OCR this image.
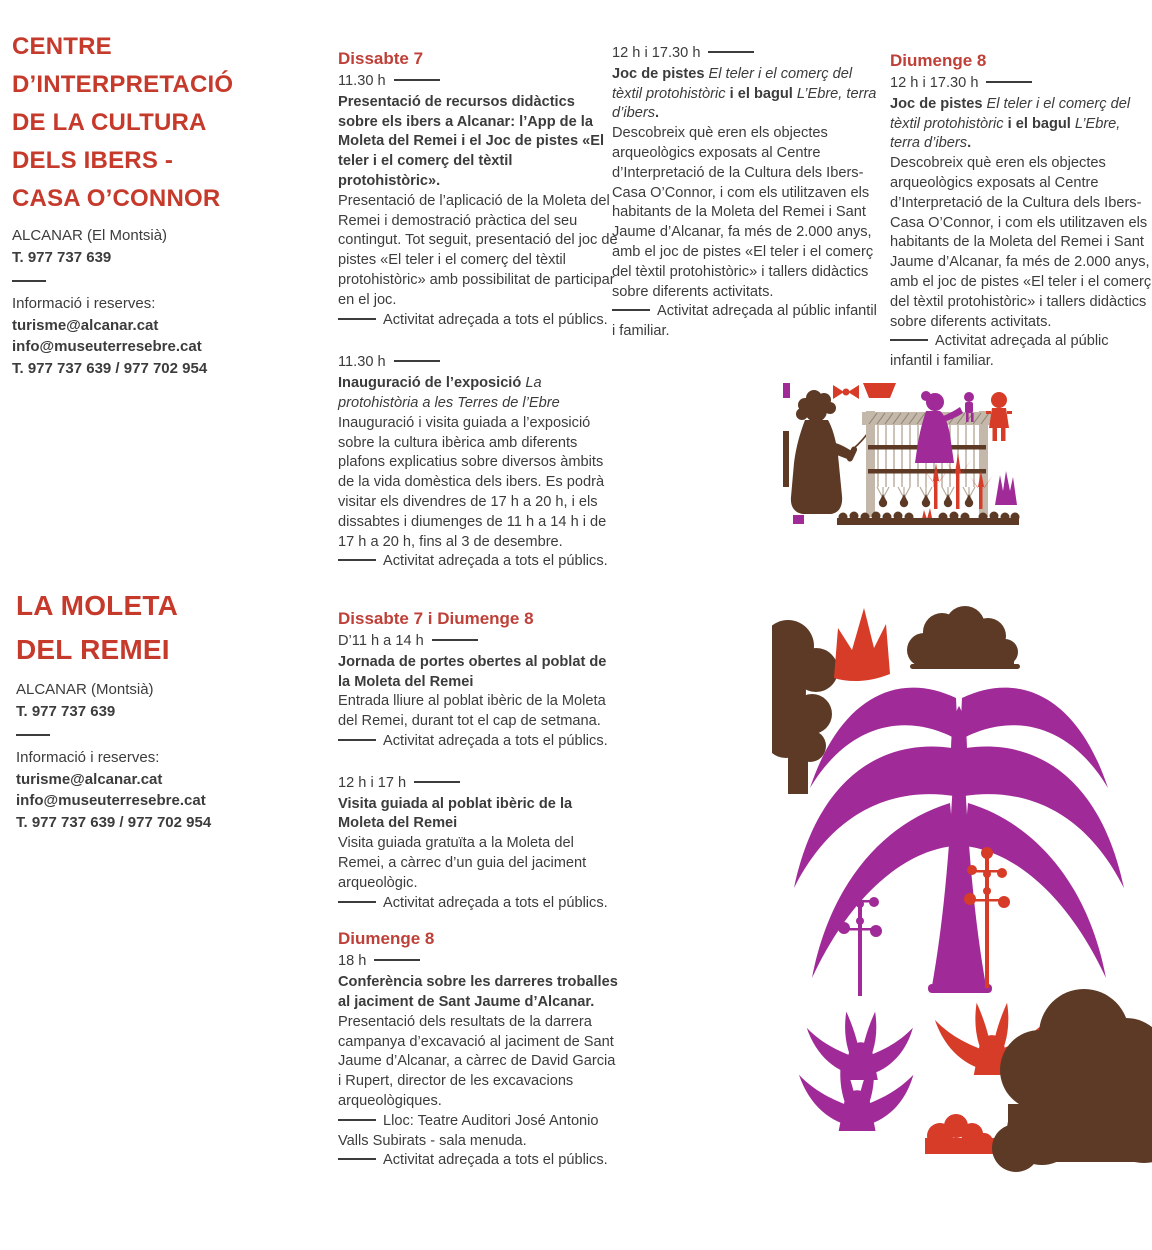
CENTRE
D’INTERPRETACIÓ
DE LA CULTURA
DELS IBERS -
CASA O’CONNOR
ALCANAR (El Montsià)
T. 977 737 639
Informació i reserves:
turisme@alcanar.cat
info@museuterresebre.cat
T. 977 737 639 / 977 702 954
LA MOLETA
DEL REMEI
ALCANAR (Montsià)
T. 977 737 639
Informació i reserves:
turisme@alcanar.cat
info@museuterresebre.cat
T. 977 737 639 / 977 702 954
Dissabte 7
11.30 h
Presentació de recursos didàctics sobre els ibers a Alcanar: l’App de la Moleta del Remei i el Joc de pistes «El teler i el comerç del tèxtil protohistòric».
Presentació de l’aplicació de la Moleta del Remei i demostració pràctica del seu contingut. Tot seguit, presentació del joc de pistes «El teler i el comerç del tèxtil protohistòric» amb possibilitat de participar en el joc.
Activitat adreçada a tots el públics.
11.30 h
Inauguració de l’exposició La protohistòria a les Terres de l’Ebre
Inauguració i visita guiada a l’exposició sobre la cultura ibèrica amb diferents plafons explicatius sobre diversos àmbits de la vida domèstica dels ibers. Es podrà visitar els divendres de 17 h a 20 h, i els dissabtes i diumenges de 11 h a 14 h i de 17 h a 20 h, fins al 3 de desembre.
Activitat adreçada a tots el públics.
12 h i 17.30 h
Joc de pistes El teler i el comerç del tèxtil protohistòric i el bagul L’Ebre, terra d’ibers.
Descobreix què eren els objectes arqueològics exposats al Centre d’Interpretació de la Cultura dels Ibers-Casa O’Connor, i com els utilitzaven els habitants de la Moleta del Remei i Sant Jaume d’Alcanar, fa més de 2.000 anys, amb el joc de pistes «El teler i el comerç del tèxtil protohistòric» i tallers didàctics sobre diferents activitats.
Activitat adreçada al públic infantil i familiar.
Diumenge 8
12 h i 17.30 h
Joc de pistes El teler i el comerç del tèxtil protohistòric i el bagul L’Ebre, terra d’ibers.
Descobreix què eren els objectes arqueològics exposats al Centre d’Interpretació de la Cultura dels Ibers-Casa O’Connor, i com els utilitzaven els habitants de la Moleta del Remei i Sant Jaume d’Alcanar, fa més de 2.000 anys, amb el joc de pistes «El teler i el comerç del tèxtil protohistòric» i tallers didàctics sobre diferents activitats.
Activitat adreçada al públic infantil i familiar.
Dissabte 7 i Diumenge 8
D’11 h a 14 h
Jornada de portes obertes al poblat de la Moleta del Remei
Entrada lliure al poblat ibèric de la Moleta del Remei, durant tot el cap de setmana.
Activitat adreçada a tots el públics.
12 h i 17 h
Visita guiada al poblat ibèric de la Moleta del Remei
Visita guiada gratuïta a la Moleta del Remei, a càrrec d’un guia del jaciment arqueològic.
Activitat adreçada a tots el públics.
Diumenge 8
18 h
Conferència sobre les darreres troballes al jaciment de Sant Jaume d’Alcanar.
Presentació dels resultats de la darrera campanya d’excavació al jaciment de Sant Jaume d’Alcanar, a càrrec de David Garcia i Rupert, director de les excavacions arqueològiques.
Lloc: Teatre Auditori José Antonio Valls Subirats - sala menuda.
Activitat adreçada a tots el públics.
